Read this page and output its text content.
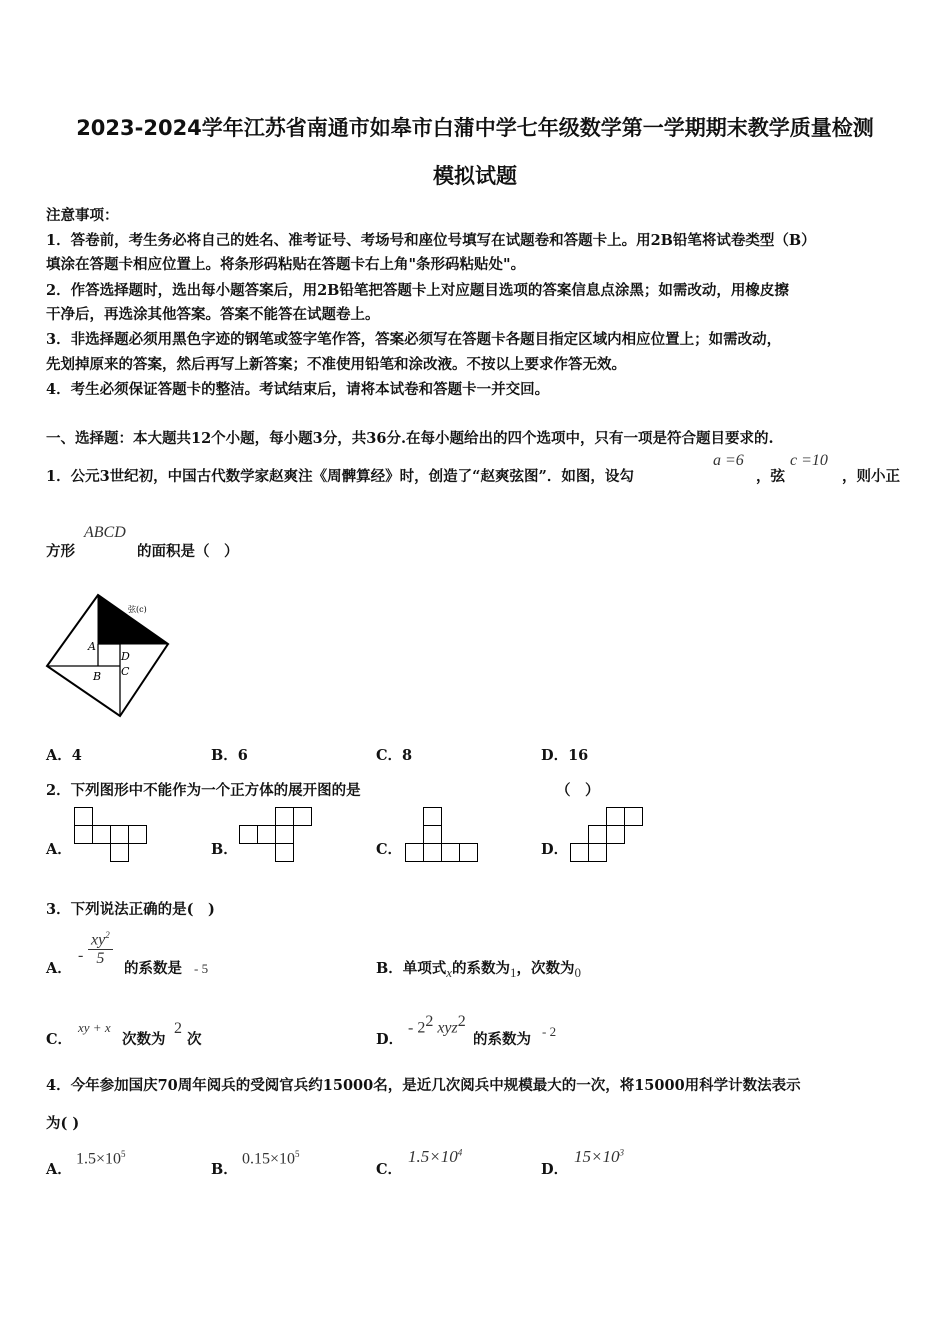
2023-2024学年江苏省南通市如皋市白蒲中学七年级数学第一学期期末教学质量检测
模拟试题
注意事项：
1．答卷前，考生务必将自己的姓名、准考证号、考场号和座位号填写在试题卷和答题卡上。用2B铅笔将试卷类型（B）
填涂在答题卡相应位置上。将条形码粘贴在答题卡右上角"条形码粘贴处"。
2．作答选择题时，选出每小题答案后，用2B铅笔把答题卡上对应题目选项的答案信息点涂黑；如需改动，用橡皮擦
干净后，再选涂其他答案。答案不能答在试题卷上。
3．非选择题必须用黑色字迹的钢笔或签字笔作答，答案必须写在答题卡各题目指定区域内相应位置上；如需改动，
先划掉原来的答案，然后再写上新答案；不准使用铅笔和涂改液。不按以上要求作答无效。
4．考生必须保证答题卡的整洁。考试结束后，请将本试卷和答题卡一并交回。
一、选择题：本大题共12个小题，每小题3分，共36分.在每小题给出的四个选项中，只有一项是符合题目要求的.
1．公元3世纪初，中国古代数学家赵爽注《周髀算经》时，创造了“赵爽弦图”．如图，设勾
a =6
，弦
c =10
，则小正
方形
ABCD
的面积是（　）
弦(c)
A
B
D
C
A．4	B．6	C．8	D．16
2．下列图形中不能作为一个正方体的展开图的是	（　）
A．	B．	C．	D．
3．下列说法正确的是(　)
A．
- $\frac{xy^2}{5}$
的系数是 - 5	B．单项式x的系数为1，次数为0
C．
xy + x
次数为
2
次	D．
- $2^2$ xyz$^2$
的系数为 - 2
4．今年参加国庆70周年阅兵的受阅官兵约15000名，是近几次阅兵中规模最大的一次，将15000用科学计数法表示
为( )
A．
$1.5\times 10^5$
B．
$0.15\times 10^5$
C．
$1.5\times 10^4$
D．
$15\times 10^3$
